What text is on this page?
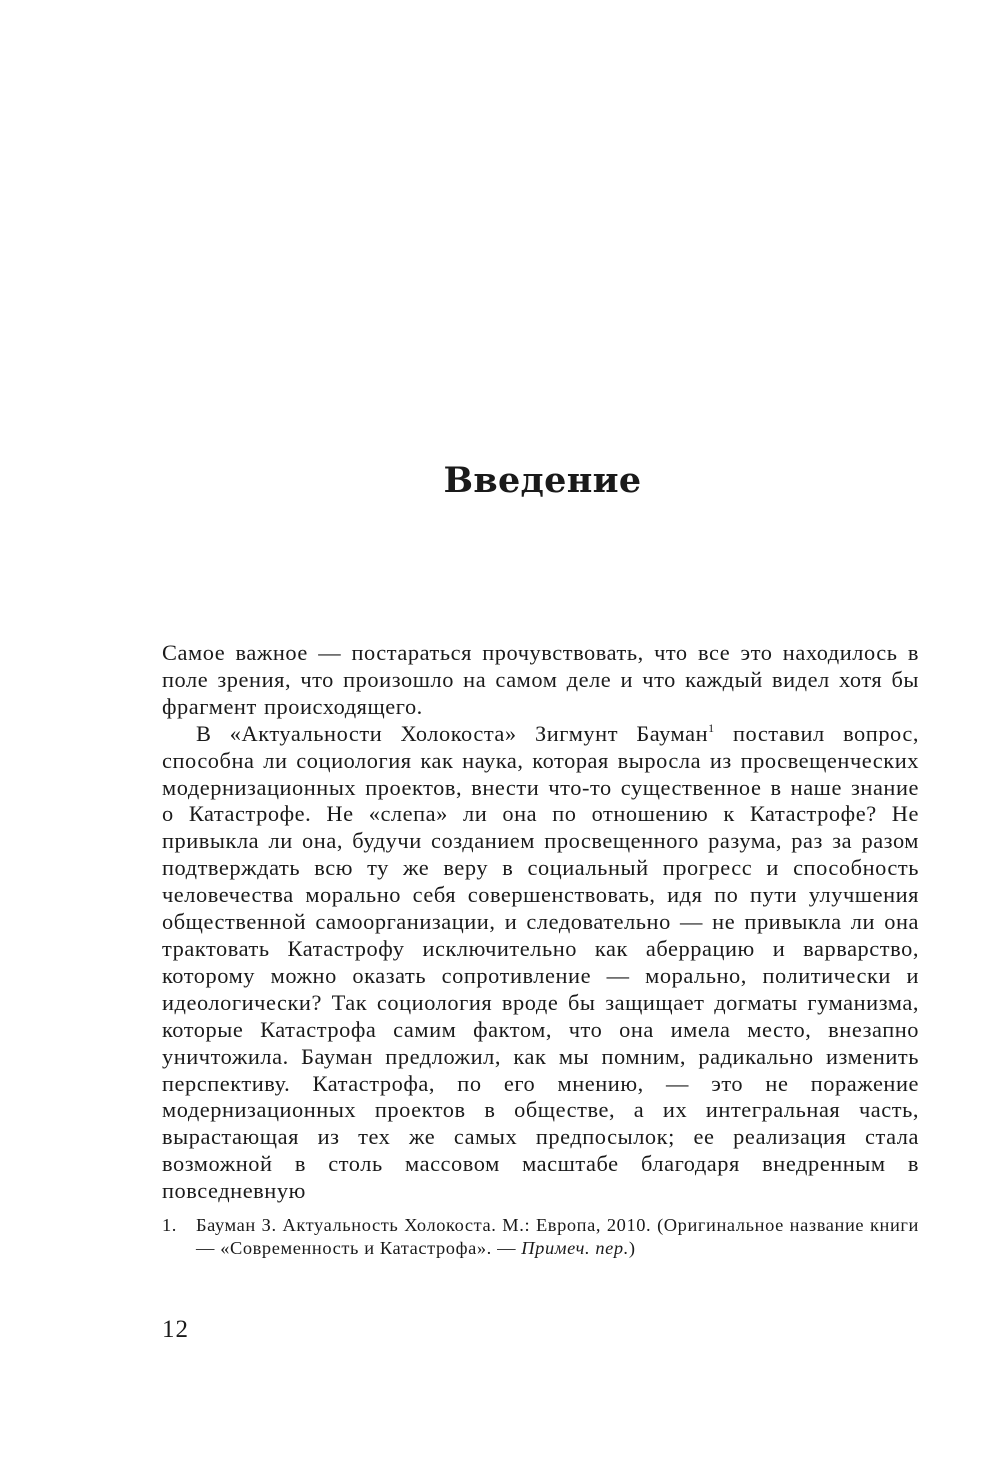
Введение

Самое важное — постараться прочувствовать, что все это находилось в поле зрения, что произошло на самом деле и что каждый видел хотя бы фрагмент происходящего.

В «Актуальности Холокоста» Зигмунт Бауман$^1$ поставил вопрос, способна ли социология как наука, которая выросла из просвещенческих модернизационных проектов, внести что-то существенное в наше знание о Катастрофе. Не «слепа» ли она по отношению к Катастрофе? Не привыкла ли она, будучи созданием просвещенного разума, раз за разом подтверждать всю ту же веру в социальный прогресс и способность человечества морально себя совершенствовать, идя по пути улучшения общественной самоорганизации, и следовательно — не привыкла ли она трактовать Катастрофу исключительно как аберрацию и варварство, которому можно оказать сопротивление — морально, политически и идеологически? Так социология вроде бы защищает догматы гуманизма, которые Катастрофа самим фактом, что она имела место, внезапно уничтожила. Бауман предложил, как мы помним, радикально изменить перспективу. Катастрофа, по его мнению, — это не поражение модернизационных проектов в обществе, а их интегральная часть, вырастающая из тех же самых предпосылок; ее реализация стала возможной в столь массовом масштабе благодаря внедренным в повседневную

1.	Бауман З. Актуальность Холокоста. М.: Европа, 2010. (Оригинальное название книги — «Современность и Катастрофа». — Примеч. пер.)
12
